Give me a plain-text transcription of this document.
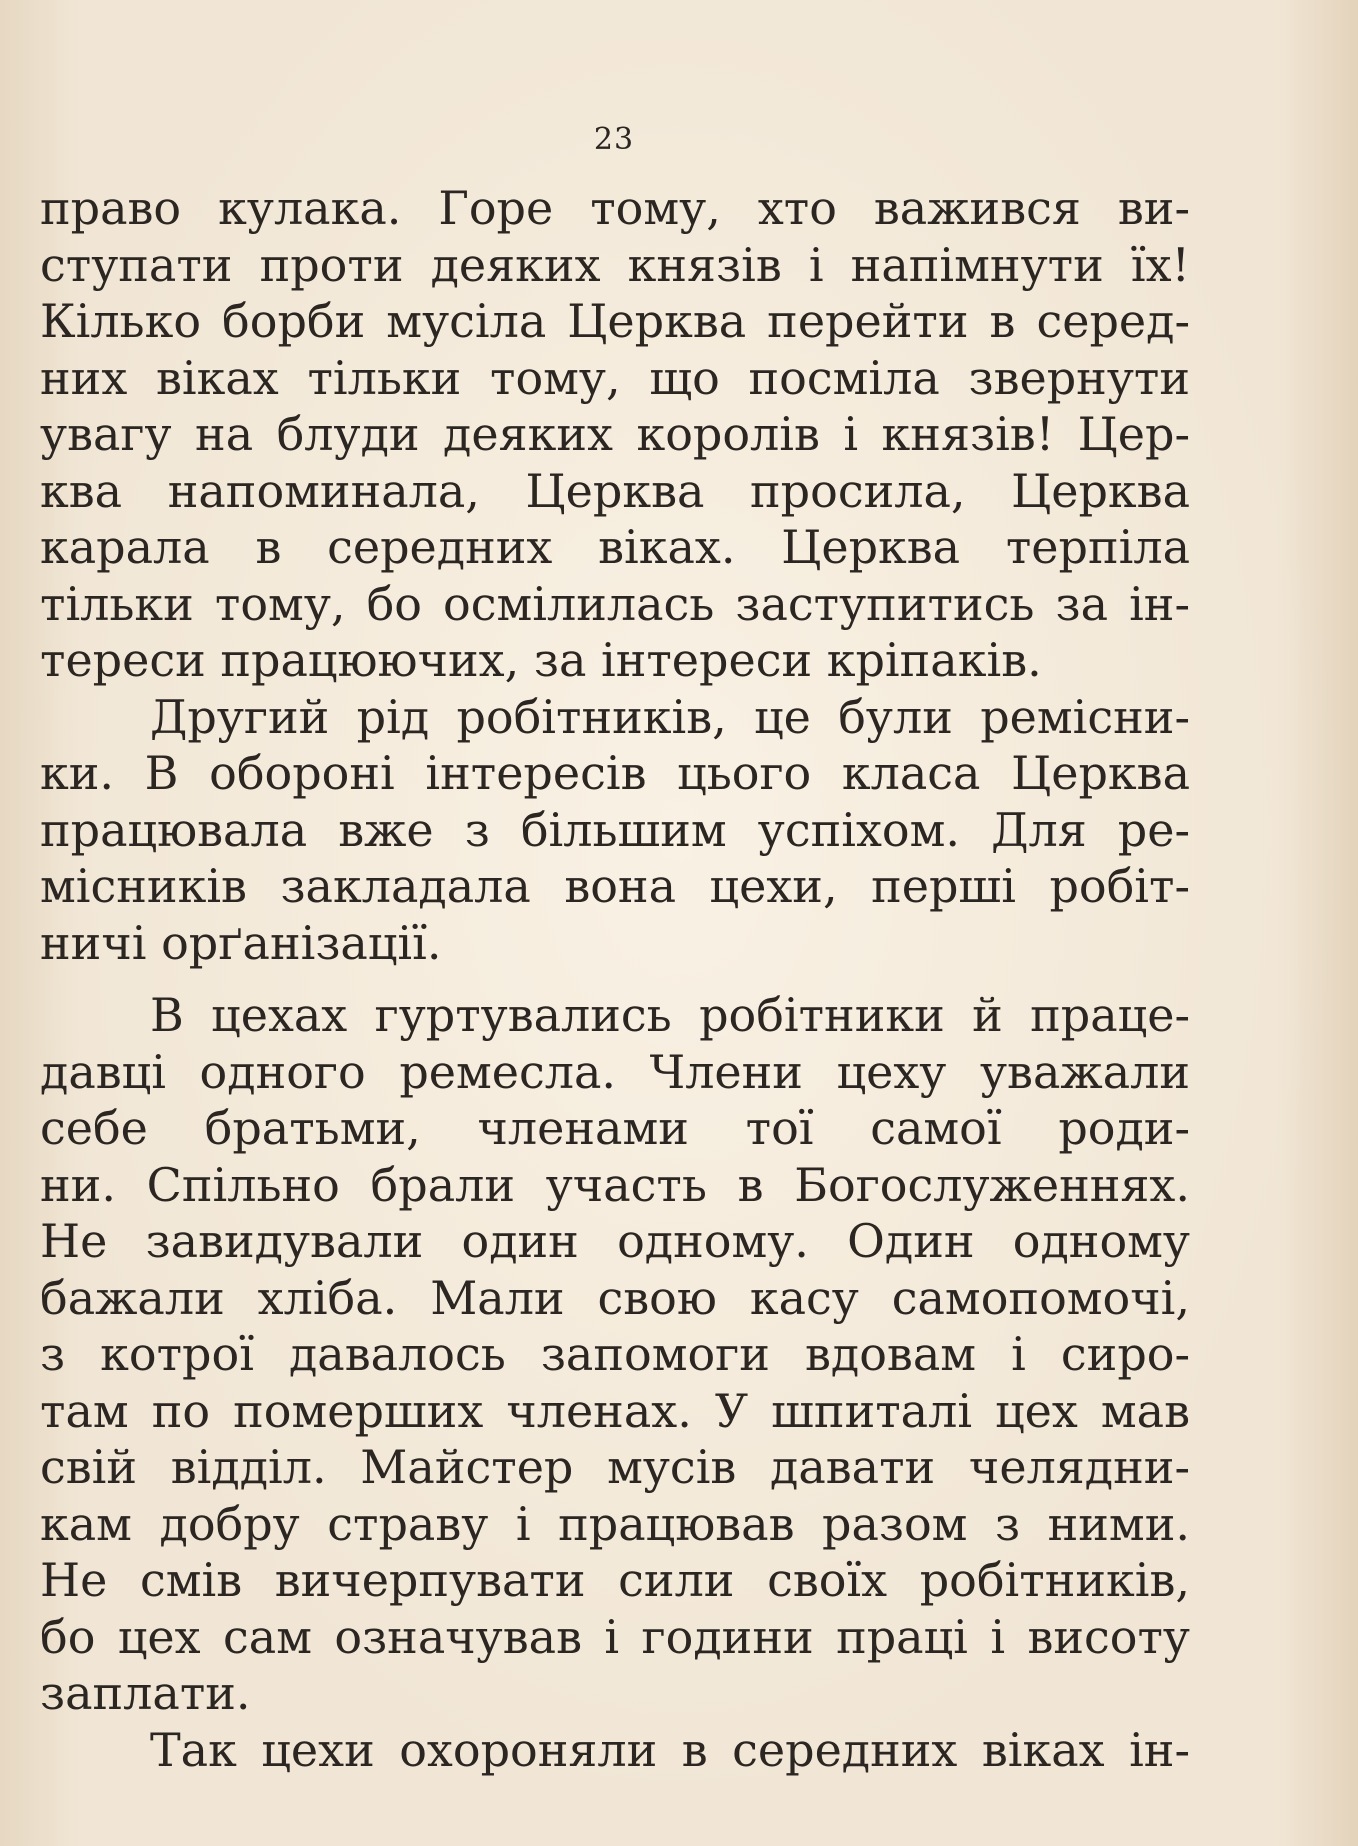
23
право кулака. Горе тому, хто важився ви-
ступати проти деяких князів і напімнути їх!
Кілько борби мусіла Церква перейти в серед-
них віках тільки тому, що посміла звернути
увагу на блуди деяких королів і князів! Цер-
ква напоминала, Церква просила, Церква
карала в середних віках. Церква терпіла
тільки тому, бо осмілилась заступитись за ін-
тереси працюючих, за інтереси кріпаків.
Другий рід робітників, це були ремісни-
ки. В обороні інтересів цього класа Церква
працювала вже з більшим успіхом. Для ре-
місників закладала вона цехи, перші робіт-
ничі орґанізації.
В цехах гуртувались робітники й праце-
давці одного ремесла. Члени цеху уважали
себе братьми, членами тої самої роди-
ни. Спільно брали участь в Богослуженнях.
Не завидували один одному. Один одному
бажали хліба. Мали свою касу самопомочі,
з котрої давалось запомоги вдовам і сиро-
там по померших членах. У шпиталі цех мав
свій відділ. Майстер мусів давати челядни-
кам добру страву і працював разом з ними.
Не смів вичерпувати сили своїх робітників,
бо цех сам означував і години праці і висоту
заплати.
Так цехи охороняли в середних віках ін-
